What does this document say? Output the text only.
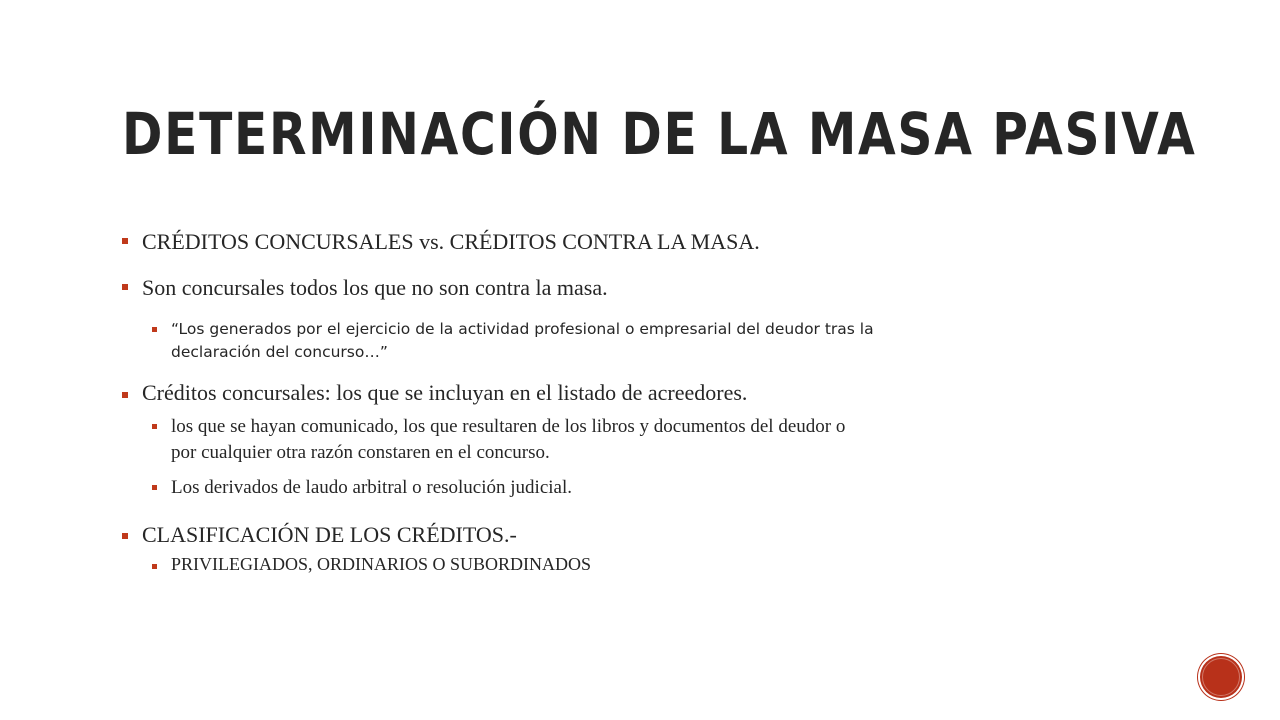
DETERMINACIÓN DE LA MASA PASIVA
CRÉDITOS CONCURSALES vs. CRÉDITOS CONTRA LA MASA.
Son concursales todos los que no son contra la masa.
“Los generados por el ejercicio de la actividad profesional o empresarial del deudor tras la
declaración del concurso…”
Créditos concursales: los que se incluyan en el listado de acreedores.
los que se hayan comunicado, los que resultaren de los libros y documentos del deudor o
por cualquier otra razón constaren en el concurso.
Los derivados de laudo arbitral o resolución judicial.
CLASIFICACIÓN DE LOS CRÉDITOS.-
PRIVILEGIADOS, ORDINARIOS O SUBORDINADOS
